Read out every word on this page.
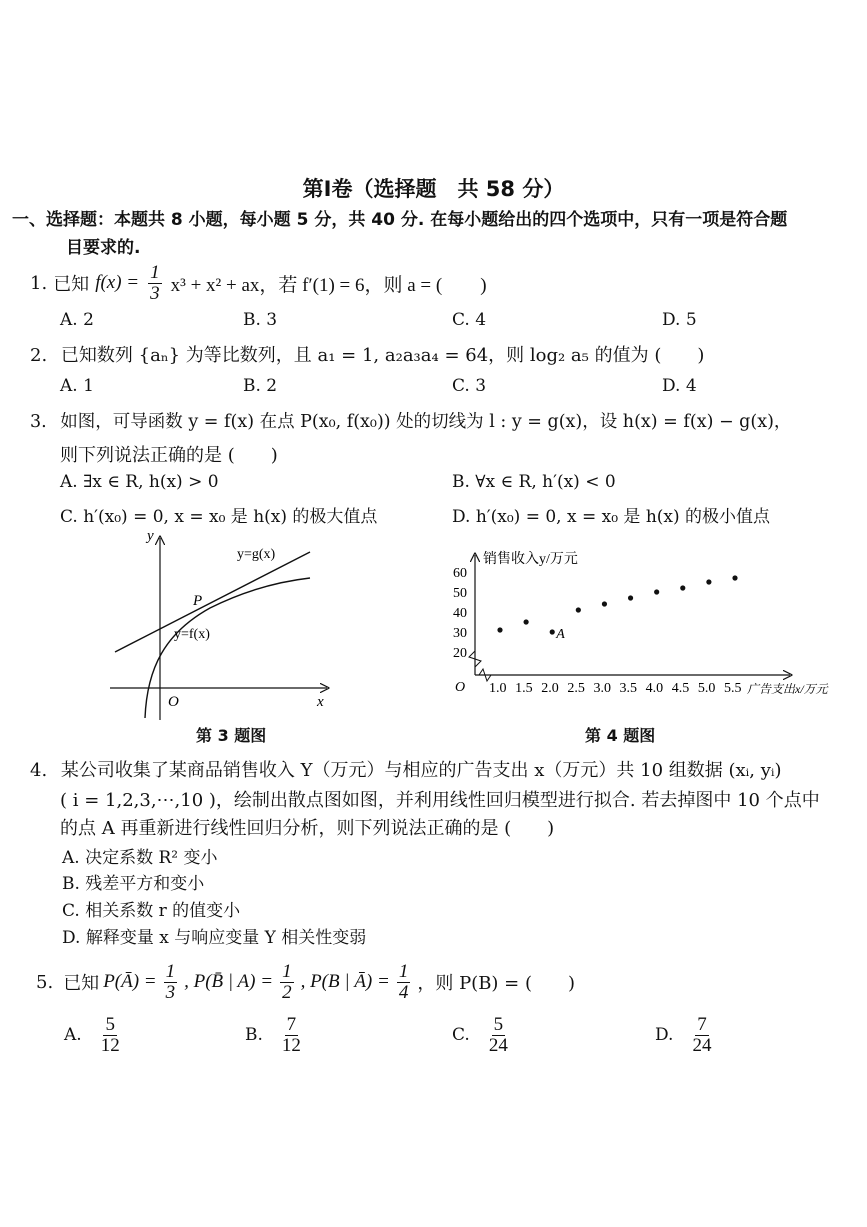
第Ⅰ卷（选择题　共 58 分）
一、选择题：本题共 8 小题，每小题 5 分，共 40 分. 在每小题给出的四个选项中，只有一项是符合题
目要求的.
1. 已知 $f(x) = \frac{1}{3} x^3 + x^2$ + ax，若 f′(1) = 6，则 a = (　　)
A. 2	B. 3	C. 4	D. 5
2. 已知数列 {aₙ} 为等比数列，且 a₁ = 1, a₂a₃a₄ = 64，则 log₂ a₅ 的值为 (　　)
A. 1	B. 2	C. 3	D. 4
3. 如图，可导函数 y = f(x) 在点 P(x₀, f(x₀)) 处的切线为 l : y = g(x)，设 h(x) = f(x) − g(x)，
则下列说法正确的是 (　　)
A. ∃x ∈ R, h(x) > 0	B. ∀x ∈ R, h′(x) < 0
C. h′(x₀) = 0, x = x₀ 是 h(x) 的极大值点	D. h′(x₀) = 0, x = x₀ 是 h(x) 的极小值点
y
x
O
y=g(x)
y=f(x)
P
第 3 题图
销售收入y/万元
广告支出x/万元
O 1.0 1.5 2.0 2.5 3.0 3.5 4.0 4.5 5.0 5.5
20
30
40
50
60
A
第 4 题图
4. 某公司收集了某商品销售收入 Y（万元）与相应的广告支出 x（万元）共 10 组数据 (xᵢ, yᵢ)
( i = 1,2,3,⋯,10 )，绘制出散点图如图，并利用线性回归模型进行拟合. 若去掉图中 10 个点中
的点 A 再重新进行线性回归分析，则下列说法正确的是 (　　)
A. 决定系数 R² 变小
B. 残差平方和变小
C. 相关系数 r 的值变小
D. 解释变量 x 与响应变量 Y 相关性变弱
5. 已知 P(Ā) = $\frac{1}{3}$ , P(B̄ | $A) = \frac{1}{2}$ , P(B | Ā) = $\frac{1}{4}$ ，则 P(B) = (　　)
A. $\frac{5}{12}$	B. $\frac{7}{12}$	C. $\frac{5}{24}$	D. $\frac{7}{24}$
